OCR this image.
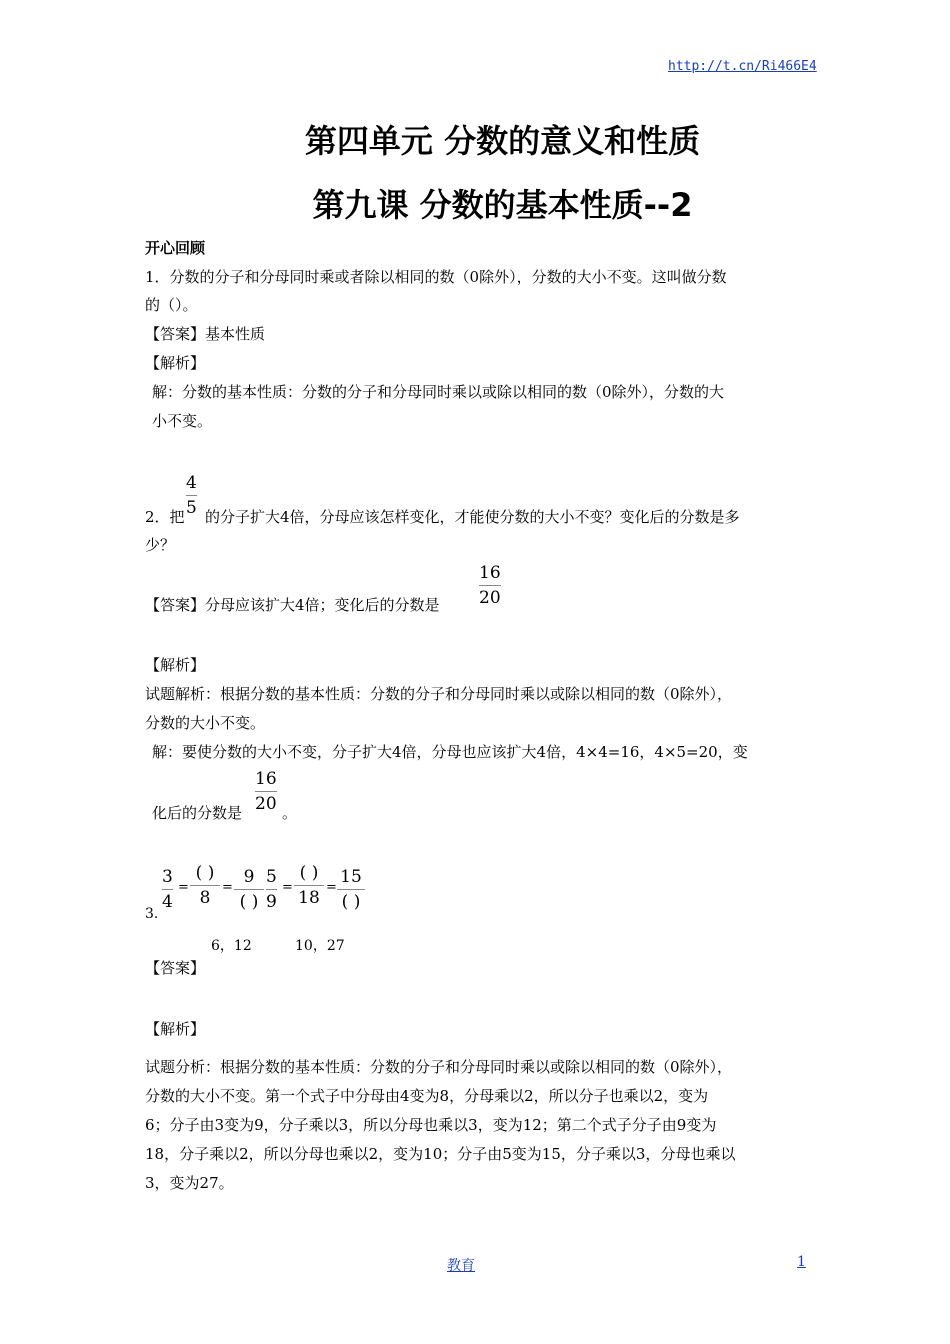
http://t.cn/Ri466E4
第四单元 分数的意义和性质
第九课 分数的基本性质--2
开心回顾
1．分数的分子和分母同时乘或者除以相同的数（0除外），分数的大小不变。这叫做分数
的（）。
【答案】基本性质
【解析】
解：分数的基本性质：分数的分子和分母同时乘以或除以相同的数（0除外），分数的大
小不变。
4
5
2．把 的分子扩大4倍，分母应该怎样变化，才能使分数的大小不变？变化后的分数是多
少？
【答案】分母应该扩大4倍；变化后的分数是
16
20
【解析】
试题解析：根据分数的基本性质：分数的分子和分母同时乘以或除以相同的数（0除外），
分数的大小不变。
解：要使分数的大小不变，分子扩大4倍，分母也应该扩大4倍，4×4=16，4×5=20，变
化后的分数是
16
20 。
3
4
=
( )
8
=
9
( )
5
9
=
( )
18
=
15
( )
3.
6，12	10，27
【答案】
【解析】
试题分析：根据分数的基本性质：分数的分子和分母同时乘以或除以相同的数（0除外），
分数的大小不变。第一个式子中分母由4变为8，分母乘以2，所以分子也乘以2，变为
6；分子由3变为9，分子乘以3，所以分母也乘以3，变为12；第二个式子分子由9变为
18，分子乘以2，所以分母也乘以2，变为10；分子由5变为15，分子乘以3，分母也乘以
3，变为27。
教育	1
